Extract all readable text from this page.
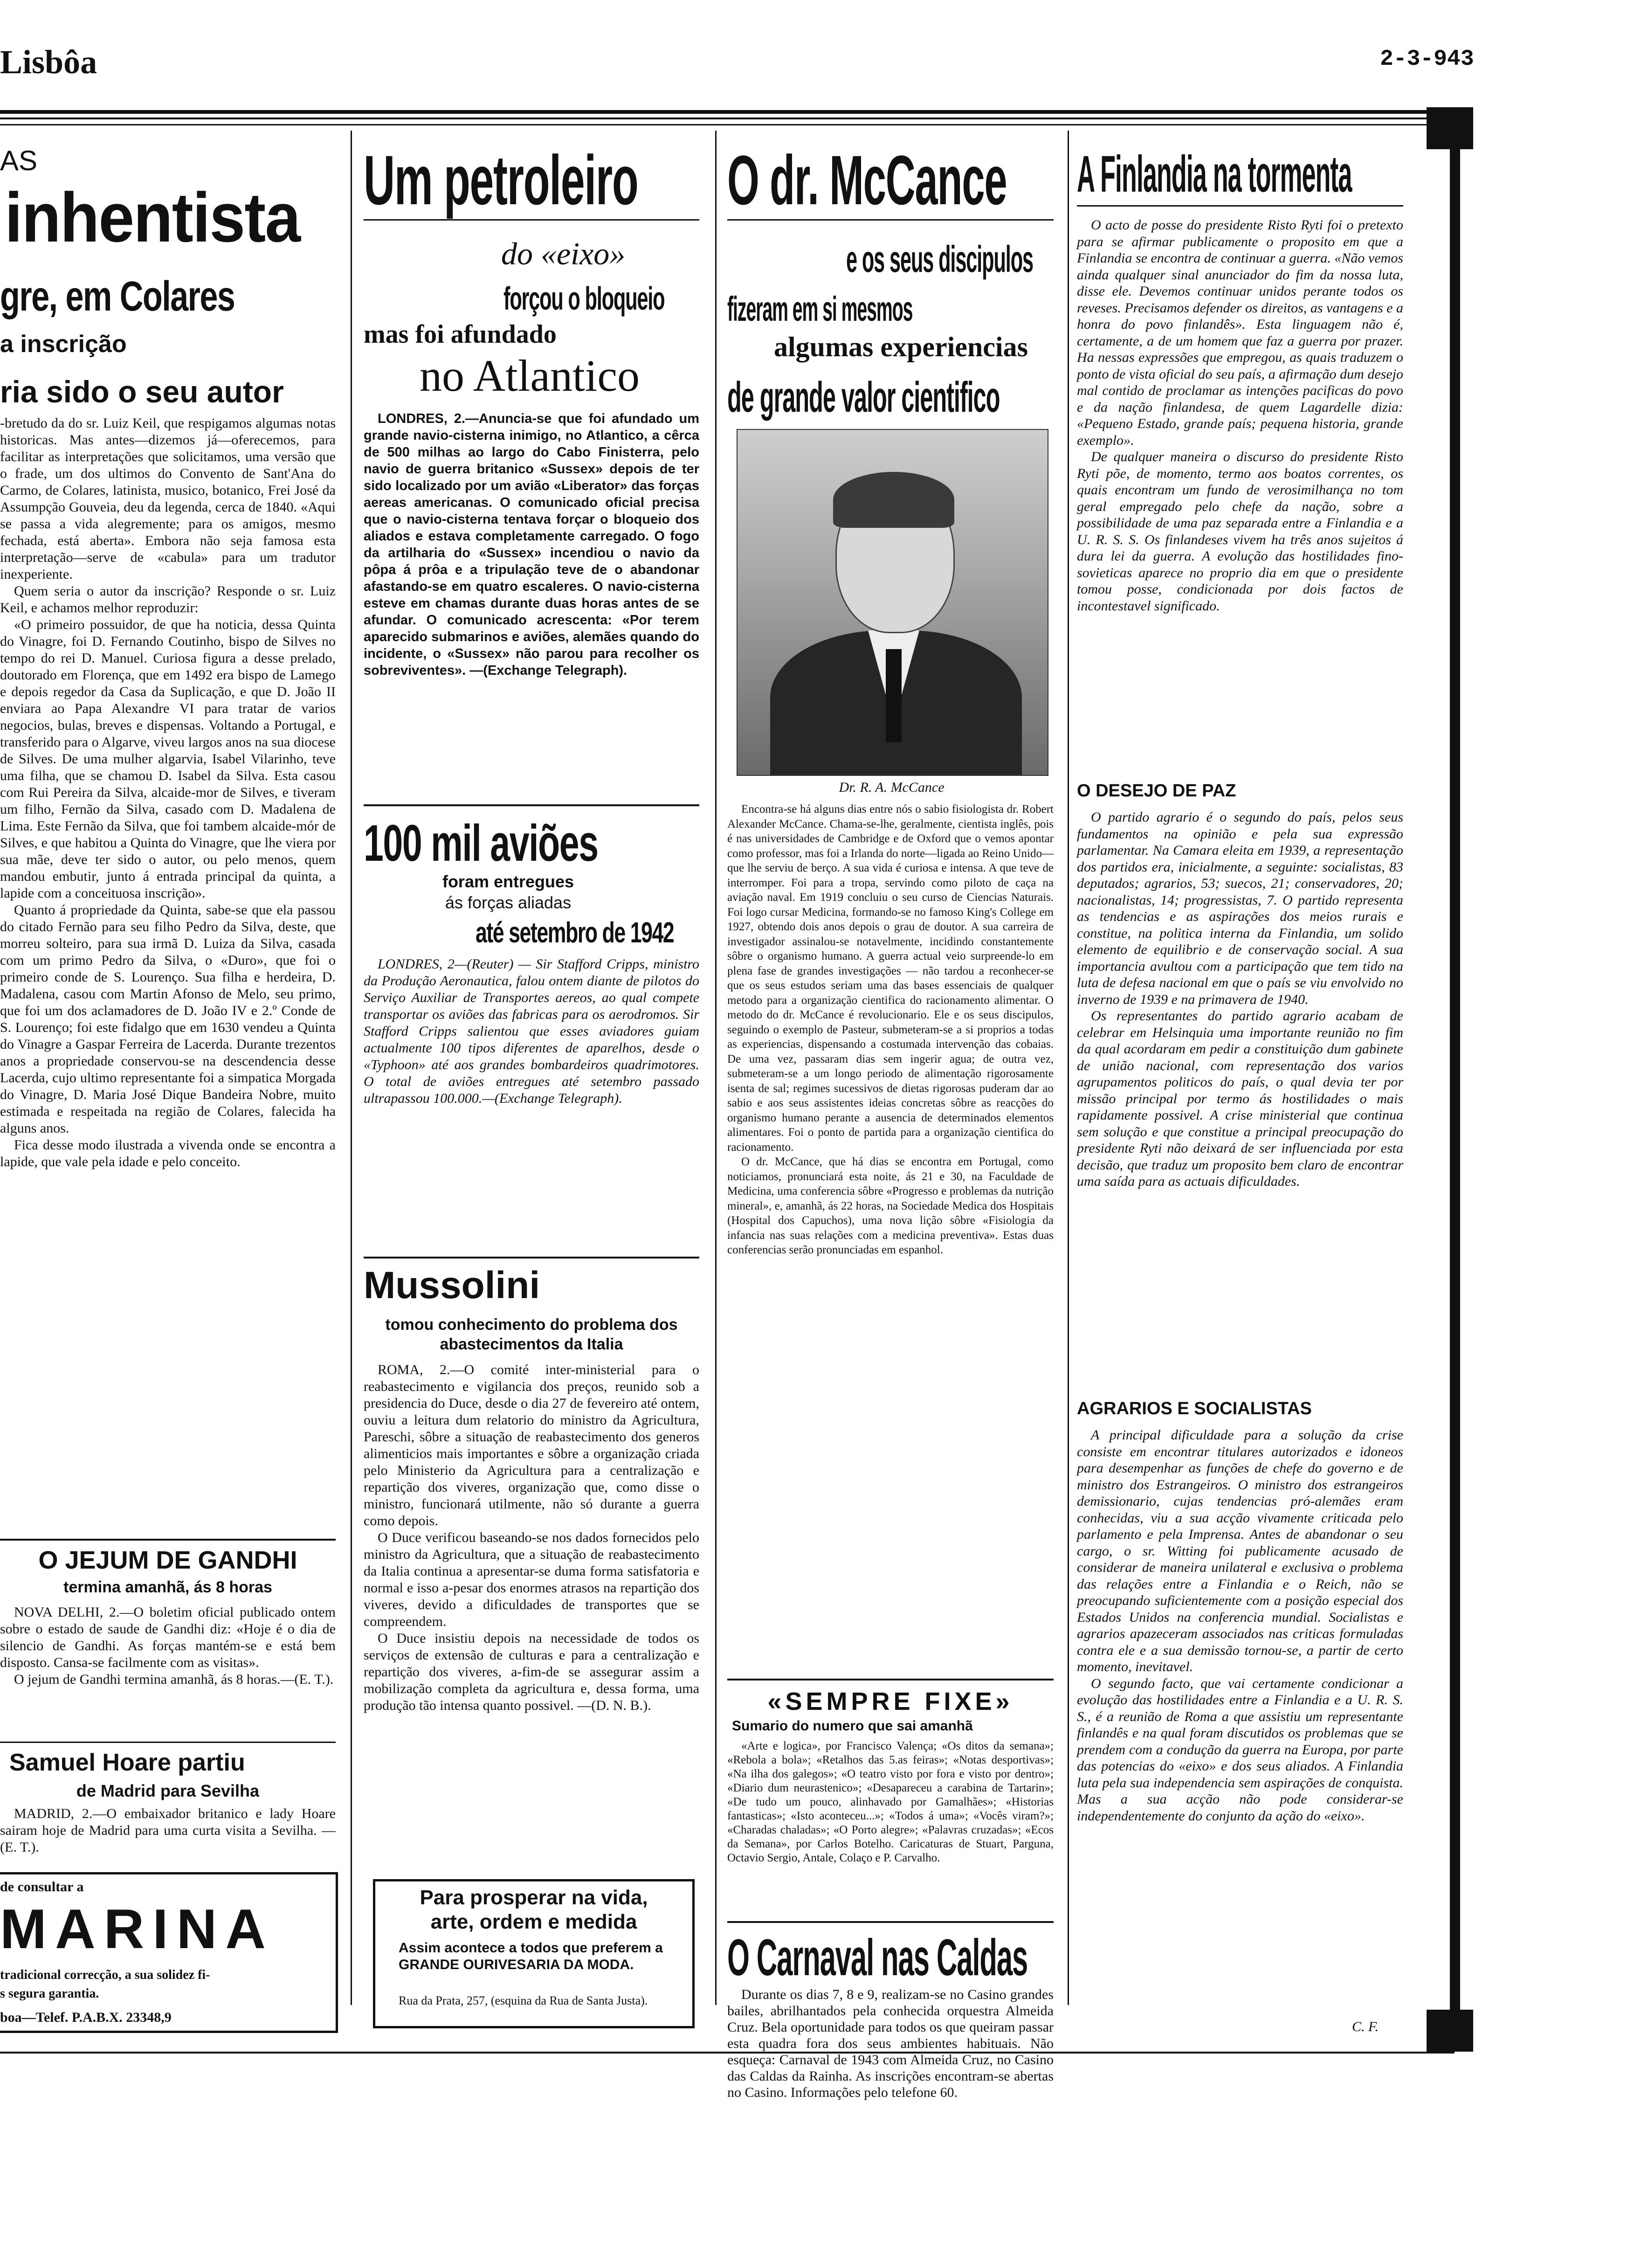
Lisbôa	2-3-943
AS
inhentista
gre, em Colares
a inscrição
ria sido o seu autor

-bretudo da do sr. Luiz Keil, que respigamos algumas notas historicas. Mas antes—dizemos já—oferecemos, para facilitar as interpretações que solicitamos, uma versão que o frade, um dos ultimos do Convento de Sant'Ana do Carmo, de Colares, latinista, musico, botanico, Frei José da Assumpção Gouveia, deu da legenda, cerca de 1840. «Aqui se passa a vida alegremente; para os amigos, mesmo fechada, está aberta». Embora não seja famosa esta interpretação—serve de «cabula» para um tradutor inexperiente.

Quem seria o autor da inscrição? Responde o sr. Luiz Keil, e achamos melhor reproduzir:

«O primeiro possuidor, de que ha noticia, dessa Quinta do Vinagre, foi D. Fernando Coutinho, bispo de Silves no tempo do rei D. Manuel. Curiosa figura a desse prelado, doutorado em Florença, que em 1492 era bispo de Lamego e depois regedor da Casa da Suplicação, e que D. João II enviara ao Papa Alexandre VI para tratar de varios negocios, bulas, breves e dispensas. Voltando a Portugal, e transferido para o Algarve, viveu largos anos na sua diocese de Silves. De uma mulher algarvia, Isabel Vilarinho, teve uma filha, que se chamou D. Isabel da Silva. Esta casou com Rui Pereira da Silva, alcaide-mor de Silves, e tiveram um filho, Fernão da Silva, casado com D. Madalena de Lima. Este Fernão da Silva, que foi tambem alcaide-mór de Silves, e que habitou a Quinta do Vinagre, que lhe viera por sua mãe, deve ter sido o autor, ou pelo menos, quem mandou embutir, junto á entrada principal da quinta, a lapide com a conceituosa inscrição».

Quanto á propriedade da Quinta, sabe-se que ela passou do citado Fernão para seu filho Pedro da Silva, deste, que morreu solteiro, para sua irmã D. Luiza da Silva, casada com um primo Pedro da Silva, o «Duro», que foi o primeiro conde de S. Lourenço. Sua filha e herdeira, D. Madalena, casou com Martin Afonso de Melo, seu primo, que foi um dos aclamadores de D. João IV e 2.º Conde de S. Lourenço; foi este fidalgo que em 1630 vendeu a Quinta do Vinagre a Gaspar Ferreira de Lacerda. Durante trezentos anos a propriedade conservou-se na descendencia desse Lacerda, cujo ultimo representante foi a simpatica Morgada do Vinagre, D. Maria José Dique Bandeira Nobre, muito estimada e respeitada na região de Colares, falecida ha alguns anos.

Fica desse modo ilustrada a vivenda onde se encontra a lapide, que vale pela idade e pelo conceito.

O JEJUM DE GANDHI
termina amanhã, ás 8 horas

NOVA DELHI, 2.—O boletim oficial publicado ontem sobre o estado de saude de Gandhi diz: «Hoje é o dia de silencio de Gandhi. As forças mantém-se e está bem disposto. Cansa-se facilmente com as visitas».

O jejum de Gandhi termina amanhã, ás 8 horas.—(E. T.).

Samuel Hoare partiu
de Madrid para Sevilha
MADRID, 2.—O embaixador britanico e lady Hoare sairam hoje de Madrid para uma curta visita a Sevilha. —(E. T.).
de consultar a
MARINA
tradicional correcção, a sua solidez fi-
s segura garantia.
boa—Telef. P.A.B.X. 23348,9
Um petroleiro
do «eixo»
forçou o bloqueio
mas foi afundado
no Atlantico
LONDRES, 2.—Anuncia-se que foi afundado um grande navio-cisterna inimigo, no Atlantico, a cêrca de 500 milhas ao largo do Cabo Finisterra, pelo navio de guerra britanico «Sussex» depois de ter sido localizado por um avião «Liberator» das forças aereas americanas. O comunicado oficial precisa que o navio-cisterna tentava forçar o bloqueio dos aliados e estava completamente carregado. O fogo da artilharia do «Sussex» incendiou o navio da pôpa á prôa e a tripulação teve de o abandonar afastando-se em quatro escaleres. O navio-cisterna esteve em chamas durante duas horas antes de se afundar. O comunicado acrescenta: «Por terem aparecido submarinos e aviões, alemães quando do incidente, o «Sussex» não parou para recolher os sobreviventes». —(Exchange Telegraph).
100 mil aviões
foram entregues
ás forças aliadas
até setembro de 1942
LONDRES, 2—(Reuter) — Sir Stafford Cripps, ministro da Produção Aeronautica, falou ontem diante de pilotos do Serviço Auxiliar de Transportes aereos, ao qual compete transportar os aviões das fabricas para os aerodromos. Sir Stafford Cripps salientou que esses aviadores guiam actualmente 100 tipos diferentes de aparelhos, desde o «Typhoon» até aos grandes bombardeiros quadrimotores. O total de aviões entregues até setembro passado ultrapassou 100.000.—(Exchange Telegraph).
Mussolini
tomou conhecimento do problema dos abastecimentos da Italia

ROMA, 2.—O comité inter-ministerial para o reabastecimento e vigilancia dos preços, reunido sob a presidencia do Duce, desde o dia 27 de fevereiro até ontem, ouviu a leitura dum relatorio do ministro da Agricultura, Pareschi, sôbre a situação de reabastecimento dos generos alimenticios mais importantes e sôbre a organização criada pelo Ministerio da Agricultura para a centralização e repartição dos viveres, organização que, como disse o ministro, funcionará utilmente, não só durante a guerra como depois.

O Duce verificou baseando-se nos dados fornecidos pelo ministro da Agricultura, que a situação de reabastecimento da Italia continua a apresentar-se duma forma satisfatoria e normal e isso a-pesar dos enormes atrasos na repartição dos viveres, devido a dificuldades de transportes que se compreendem.

O Duce insistiu depois na necessidade de todos os serviços de extensão de culturas e para a centralização e repartição dos viveres, a-fim-de se assegurar assim a mobilização completa da agricultura e, dessa forma, uma produção tão intensa quanto possivel. —(D. N. B.).

Para prosperar na vida,
arte, ordem e medida
Assim acontece a todos que preferem a GRANDE OURIVESARIA DA MODA.
Rua da Prata, 257, (esquina da Rua de Santa Justa).
O dr. McCance
e os seus discipulos
fizeram em si mesmos
algumas experiencias
de grande valor cientifico
Dr. R. A. McCance

Encontra-se há alguns dias entre nós o sabio fisiologista dr. Robert Alexander McCance. Chama-se-lhe, geralmente, cientista inglês, pois é nas universidades de Cambridge e de Oxford que o vemos apontar como professor, mas foi a Irlanda do norte—ligada ao Reino Unido—que lhe serviu de berço. A sua vida é curiosa e intensa. A que teve de interromper. Foi para a tropa, servindo como piloto de caça na aviação naval. Em 1919 concluiu o seu curso de Ciencias Naturais. Foi logo cursar Medicina, formando-se no famoso King's College em 1927, obtendo dois anos depois o grau de doutor. A sua carreira de investigador assinalou-se notavelmente, incidindo constantemente sôbre o organismo humano. A guerra actual veio surpreende-lo em plena fase de grandes investigações — não tardou a reconhecer-se que os seus estudos seriam uma das bases essenciais de qualquer metodo para a organização cientifica do racionamento alimentar. O metodo do dr. McCance é revolucionario. Ele e os seus discipulos, seguindo o exemplo de Pasteur, submeteram-se a si proprios a todas as experiencias, dispensando a costumada intervenção das cobaias. De uma vez, passaram dias sem ingerir agua; de outra vez, submeteram-se a um longo periodo de alimentação rigorosamente isenta de sal; regimes sucessivos de dietas rigorosas puderam dar ao sabio e aos seus assistentes ideias concretas sôbre as reacções do organismo humano perante a ausencia de determinados elementos alimentares. Foi o ponto de partida para a organização cientifica do racionamento.

O dr. McCance, que há dias se encontra em Portugal, como noticiamos, pronunciará esta noite, ás 21 e 30, na Faculdade de Medicina, uma conferencia sôbre «Progresso e problemas da nutrição mineral», e, amanhã, ás 22 horas, na Sociedade Medica dos Hospitais (Hospital dos Capuchos), uma nova lição sôbre «Fisiologia da infancia nas suas relações com a medicina preventiva». Estas duas conferencias serão pronunciadas em espanhol.

«SEMPRE FIXE»
Sumario do numero que sai amanhã
«Arte e logica», por Francisco Valença; «Os ditos da semana»; «Rebola a bola»; «Retalhos das 5.as feiras»; «Notas desportivas»; «Na ilha dos galegos»; «O teatro visto por fora e visto por dentro»; «Diario dum neurastenico»; «Desapareceu a carabina de Tartarin»; «De tudo um pouco, alinhavado por Gamalhães»; «Historias fantasticas»; «Isto aconteceu...»; «Todos á uma»; «Vocês viram?»; «Charadas chaladas»; «O Porto alegre»; «Palavras cruzadas»; «Ecos da Semana», por Carlos Botelho. Caricaturas de Stuart, Parguna, Octavio Sergio, Antale, Colaço e P. Carvalho.
O Carnaval nas Caldas
Durante os dias 7, 8 e 9, realizam-se no Casino grandes bailes, abrilhantados pela conhecida orquestra Almeida Cruz. Bela oportunidade para todos os que queiram passar esta quadra fora dos seus ambientes habituais. Não esqueça: Carnaval de 1943 com Almeida Cruz, no Casino das Caldas da Rainha. As inscrições encontram-se abertas no Casino. Informações pelo telefone 60.
A Finlandia na tormenta

O acto de posse do presidente Risto Ryti foi o pretexto para se afirmar publicamente o proposito em que a Finlandia se encontra de continuar a guerra. «Não vemos ainda qualquer sinal anunciador do fim da nossa luta, disse ele. Devemos continuar unidos perante todos os reveses. Precisamos defender os direitos, as vantagens e a honra do povo finlandês». Esta linguagem não é, certamente, a de um homem que faz a guerra por prazer. Ha nessas expressões que empregou, as quais traduzem o ponto de vista oficial do seu país, a afirmação dum desejo mal contido de proclamar as intenções pacificas do povo e da nação finlandesa, de quem Lagardelle dizia: «Pequeno Estado, grande país; pequena historia, grande exemplo».

De qualquer maneira o discurso do presidente Risto Ryti põe, de momento, termo aos boatos correntes, os quais encontram um fundo de verosimilhança no tom geral empregado pelo chefe da nação, sobre a possibilidade de uma paz separada entre a Finlandia e a U. R. S. S. Os finlandeses vivem ha três anos sujeitos á dura lei da guerra. A evolução das hostilidades fino-sovieticas aparece no proprio dia em que o presidente tomou posse, condicionada por dois factos de incontestavel significado.

O DESEJO DE PAZ

O partido agrario é o segundo do país, pelos seus fundamentos na opinião e pela sua expressão parlamentar. Na Camara eleita em 1939, a representação dos partidos era, inicialmente, a seguinte: socialistas, 83 deputados; agrarios, 53; suecos, 21; conservadores, 20; nacionalistas, 14; progressistas, 7. O partido representa as tendencias e as aspirações dos meios rurais e constitue, na politica interna da Finlandia, um solido elemento de equilibrio e de conservação social. A sua importancia avultou com a participação que tem tido na luta de defesa nacional em que o país se viu envolvido no inverno de 1939 e na primavera de 1940.

Os representantes do partido agrario acabam de celebrar em Helsinquia uma importante reunião no fim da qual acordaram em pedir a constituição dum gabinete de união nacional, com representação dos varios agrupamentos politicos do país, o qual devia ter por missão principal por termo ás hostilidades o mais rapidamente possivel. A crise ministerial que continua sem solução e que constitue a principal preocupação do presidente Ryti não deixará de ser influenciada por esta decisão, que traduz um proposito bem claro de encontrar uma saída para as actuais dificuldades.

AGRARIOS E SOCIALISTAS

A principal dificuldade para a solução da crise consiste em encontrar titulares autorizados e idoneos para desempenhar as funções de chefe do governo e de ministro dos Estrangeiros. O ministro dos estrangeiros demissionario, cujas tendencias pró-alemães eram conhecidas, viu a sua acção vivamente criticada pelo parlamento e pela Imprensa. Antes de abandonar o seu cargo, o sr. Witting foi publicamente acusado de considerar de maneira unilateral e exclusiva o problema das relações entre a Finlandia e o Reich, não se preocupando suficientemente com a posição especial dos Estados Unidos na conferencia mundial. Socialistas e agrarios apazeceram associados nas criticas formuladas contra ele e a sua demissão tornou-se, a partir de certo momento, inevitavel.

O segundo facto, que vai certamente condicionar a evolução das hostilidades entre a Finlandia e a U. R. S. S., é a reunião de Roma a que assistiu um representante finlandês e na qual foram discutidos os problemas que se prendem com a condução da guerra na Europa, por parte das potencias do «eixo» e dos seus aliados. A Finlandia luta pela sua independencia sem aspirações de conquista. Mas a sua acção não pode considerar-se independentemente do conjunto da ação do «eixo».

C. F.
